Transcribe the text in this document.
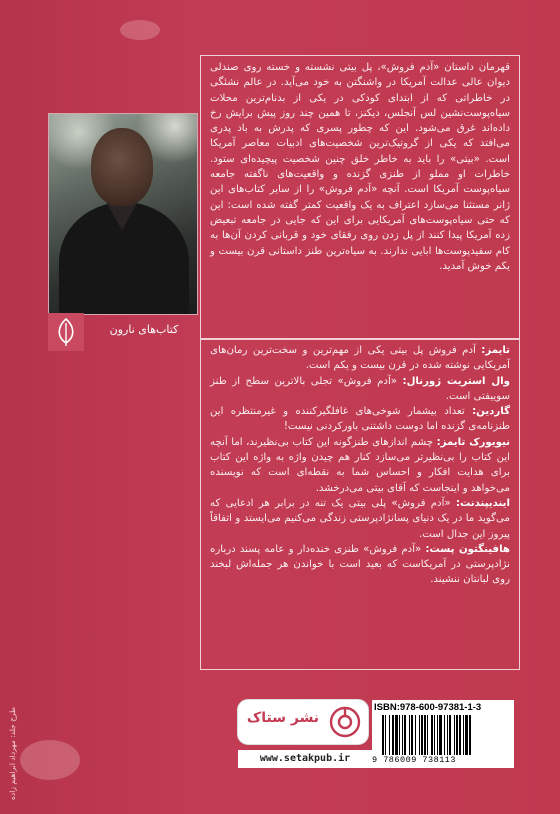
قهرمان داستان «آدم فروش»، پل بیتی نشسته و خسته روی صندلی دیوان عالی عدالت آمریکا در واشنگتن به خود می‌آید. در عالم نشئگی در خاطراتی که از ابتدای کودکی در یکی از بدنام‌ترین محلات سیاه‌پوست‌نشین لس آنجلس، دیکنز، تا همین چند روز پیش برایش رخ داده‌اند غرق می‌شود. این که چطور پسری که پدرش به باد پدری می‌افتد که یکی از گروتیک‌ترین شخصیت‌های ادبیات معاصر آمریکا است. «بیتی» را باید به خاطر خلق چنین شخصیت پیچیده‌ای ستود. خاطرات او مملو از طنزی گزنده و واقعیت‌های ناگفته جامعه سیاه‌پوست آمریکا است. آنچه «آدم فروش» را از سایر کتاب‌های این ژانر مستثنا می‌سازد اعتراف به یک واقعیت کمتر گفته شده است: این که حتی سیاه‌پوست‌های آمریکایی برای این که جایی در جامعه تبعیض زده آمریکا پیدا کنند از پل زدن روی رفقای خود و قربانی کردن آن‌ها به کام سفیدپوست‌ها ابایی ندارند. به سیاه‌ترین طنز داستانی قرن بیست و یکم خوش آمدید.
تایمز: آدم فروش پل بیتی یکی از مهم‌ترین و سخت‌ترین رمان‌های آمریکایی نوشته شده در قرن بیست و یکم است.
وال استریت ژورنال: «آدم فروش» تجلی بالاترین سطح از طنز سوییفتی است.
گاردین: تعداد بیشمار شوخی‌های غافلگیرکننده و غیرمنتظره این طنزنامه‌ی گزنده اما دوست داشتنی باورکردنی نیست!
نیویورک تایمز: چشم اندازهای طنزگونه این کتاب بی‌نظیرند، اما آنچه این کتاب را بی‌نظیرتر می‌سازد کنار هم چیدن واژه به واژه این کتاب برای هدایت افکار و احساس شما به نقطه‌ای است که نویسنده می‌خواهد و اینجاست که آقای بیتی می‌درخشد.
ایندیپندنت: «آدم فروش» پلی بیتی یک تنه در برابر هر ادعایی که می‌گوید ما در یک دنیای پسانژادپرستی زندگی می‌کنیم می‌ایستد و اتفاقاً پیروز این جدال است.
هافینگتون پست: «آدم فروش» طنزی خنده‌دار و عامه پسند درباره نژادپرستی در آمریکاست که بعید است با خواندن هر جمله‌اش لبخند روی لبانتان ننشیند.
کتاب‌های نارون
طرح جلد: مهرداد ابراهیم زاده	نشر ستاک
www.setakpub.ir
ISBN:978-600-97381-1-3
9 786009 738113
